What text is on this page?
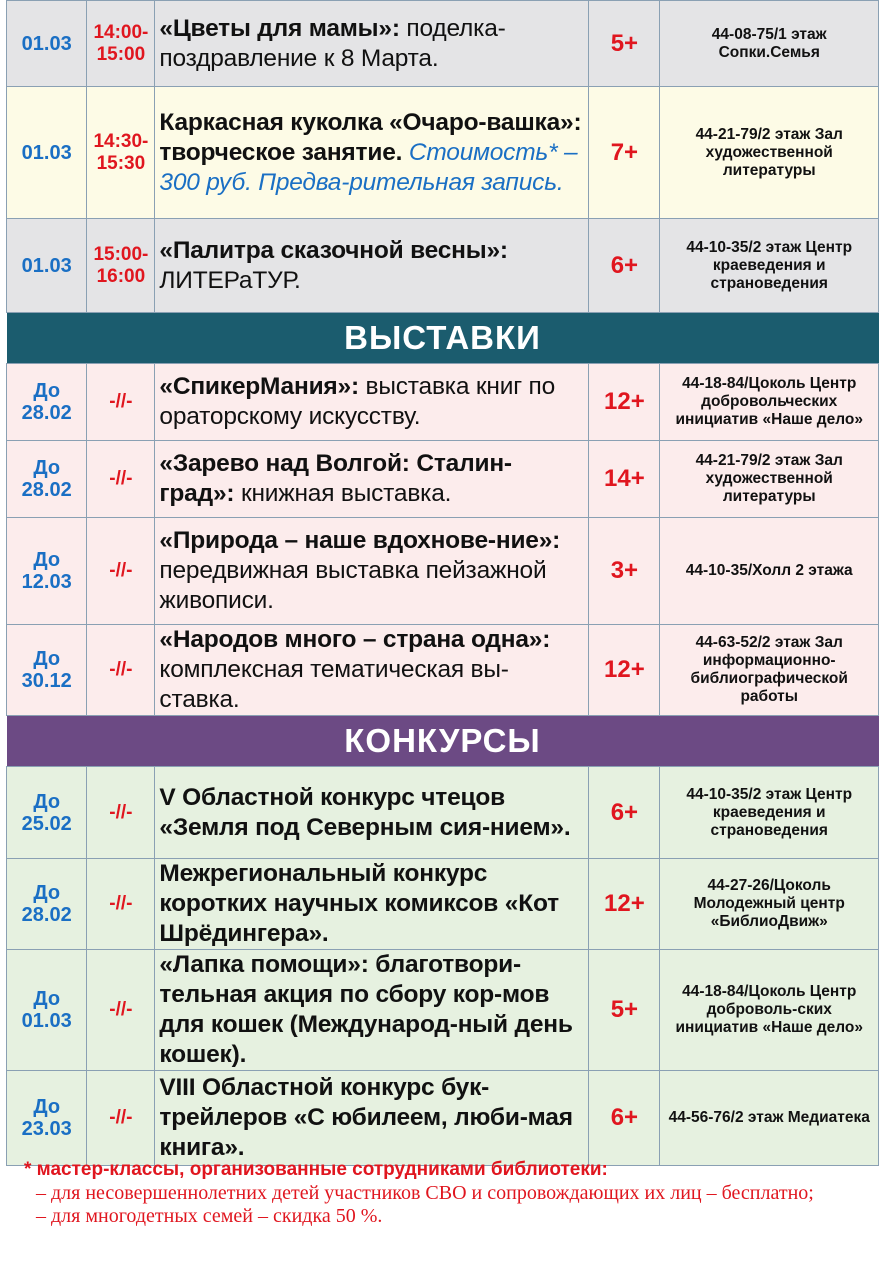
01.03	14:00-15:00	«Цветы для мамы»: поделка-поздравление к 8 Марта.	5+	44-08-75/1 этаж Сопки.Семья
01.03	14:30-15:30	Каркасная куколка «Очаро-вашка»: творческое занятие. Стоимость* – 300 руб. Предва-рительная запись.	7+	44-21-79/2 этаж Зал художественной литературы
01.03	15:00-16:00	«Палитра сказочной весны»: ЛИТЕРаТУР.	6+	44-10-35/2 этаж Центр краеведения и страноведения
ВЫСТАВКИ				
До 28.02	-//-	«СпикерМания»: выставка книг по ораторскому искусству.	12+	44-18-84/Цоколь Центр добровольческих инициатив «Наше дело»
До 28.02	-//-	«Зарево над Волгой: Сталин-град»: книжная выставка.	14+	44-21-79/2 этаж Зал художественной литературы
До 12.03	-//-	«Природа – наше вдохнове-ние»: передвижная выставка пейзажной живописи.	3+	44-10-35/Холл 2 этажа
До 30.12	-//-	«Народов много – страна одна»: комплексная тематическая вы-ставка.	12+	44-63-52/2 этаж Зал информационно-библиографической работы
КОНКУРСЫ				
До 25.02	-//-	V Областной конкурс чтецов «Земля под Северным сия-нием».	6+	44-10-35/2 этаж Центр краеведения и страноведения
До 28.02	-//-	Межрегиональный конкурс коротких научных комиксов «Кот Шрёдингера».	12+	44-27-26/Цоколь Молодежный центр «БиблиоДвиж»
До 01.03	-//-	«Лапка помощи»: благотвори-тельная акция по сбору кор-мов для кошек (Международ-ный день кошек).	5+	44-18-84/Цоколь Центр доброволь-ских инициатив «Наше дело»
До 23.03	-//-	VIII Областной конкурс бук-трейлеров «С юбилеем, люби-мая книга».	6+	44-56-76/2 этаж Медиатека
* мастер-классы, организованные сотрудниками библиотеки:
– для несовершеннолетних детей участников СВО и сопровождающих их лиц – бесплатно;
– для многодетных семей – скидка 50 %.
